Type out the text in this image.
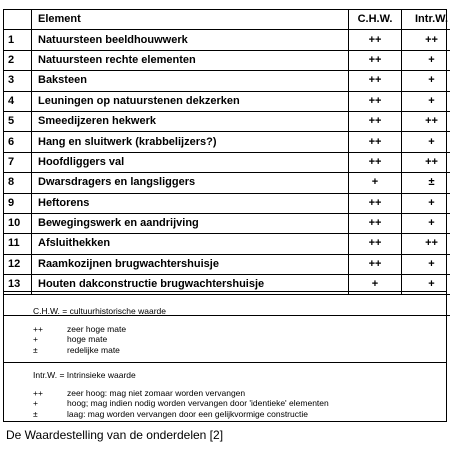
	Element	C.H.W.	Intr.W.
1	Natuursteen beeldhouwwerk	++	++
2	Natuursteen rechte elementen	++	+
3	Baksteen	++	+
4	Leuningen op natuurstenen dekzerken	++	+
5	Smeedijzeren hekwerk	++	++
6	Hang en sluitwerk (krabbelijzers?)	++	+
7	Hoofdliggers val	++	++
8	Dwarsdragers en langsliggers	+	±
9	Heftorens	++	+
10	Bewegingswerk en aandrijving	++	+
11	Afsluithekken	++	++
12	Raamkozijnen brugwachtershuisje	++	+
13	Houten dakconstructie brugwachtershuisje	+	+

C.H.W. = cultuurhistorische waarde
++	zeer hoge mate
+	hoge mate
±	redelijke mate
Intr.W. = Intrinsieke waarde
++	zeer hoog: mag niet zomaar worden vervangen
+	hoog; mag indien nodig worden vervangen door 'identieke' elementen
±	laag: mag worden vervangen door een gelijkvormige constructie
De Waardestelling van de onderdelen [2]
